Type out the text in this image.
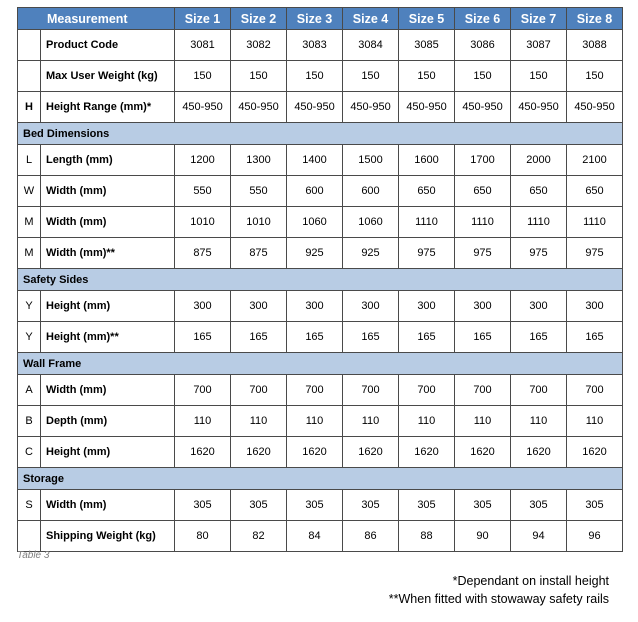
Measurement		Size 1	Size 2	Size 3	Size 4	Size 5	Size 6	Size 7	Size 8
	Product Code	3081	3082	3083	3084	3085	3086	3087	3088
	Max User Weight (kg)	150	150	150	150	150	150	150	150
H	Height Range (mm)*	450-950	450-950	450-950	450-950	450-950	450-950	450-950	450-950
Bed Dimensions									
L	Length (mm)	1200	1300	1400	1500	1600	1700	2000	2100
W	Width (mm)	550	550	600	600	650	650	650	650
M	Width (mm)	1010	1010	1060	1060	1110	1110	1110	1110
M	Width (mm)**	875	875	925	925	975	975	975	975
Safety Sides									
Y	Height (mm)	300	300	300	300	300	300	300	300
Y	Height (mm)**	165	165	165	165	165	165	165	165
Wall Frame									
A	Width (mm)	700	700	700	700	700	700	700	700
B	Depth (mm)	110	110	110	110	110	110	110	110
C	Height (mm)	1620	1620	1620	1620	1620	1620	1620	1620
Storage									
S	Width (mm)	305	305	305	305	305	305	305	305
	Shipping Weight (kg)	80	82	84	86	88	90	94	96
Table 3
*Dependant on install height
**When fitted with stowaway safety rails
